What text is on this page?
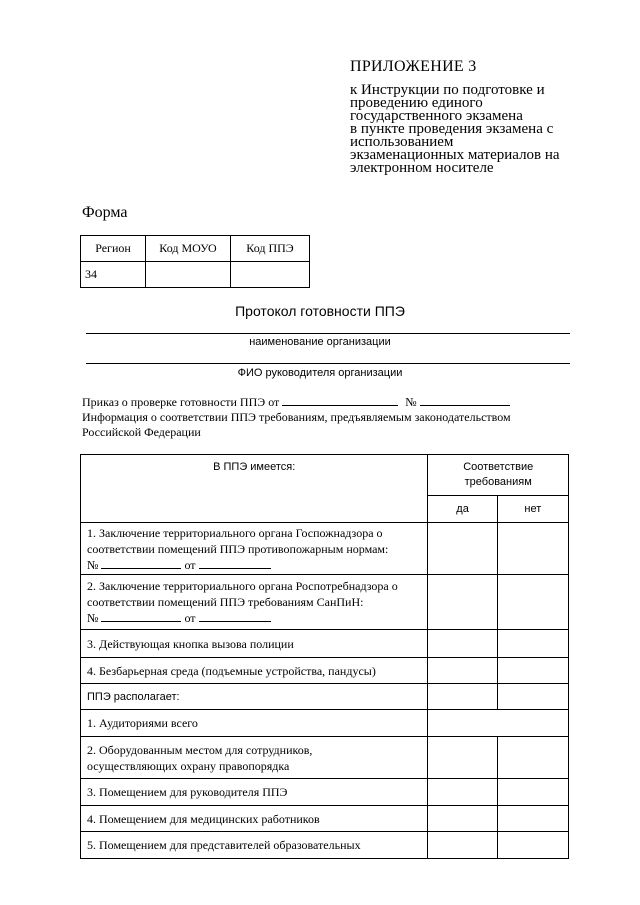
ПРИЛОЖЕНИЕ 3
к Инструкции по подготовке и
проведению единого
государственного экзамена
в пункте проведения экзамена с
использованием
экзаменационных материалов на
электронном носителе
Форма
Регион	Код МОУО	Код ППЭ
34		
Протокол готовности ППЭ
наименование организации
ФИО руководителя организации
Приказ о проверке готовности ППЭ от	№
Информация о соответствии ППЭ требованиям, предъявляемым законодательством
Российской Федерации
В ППЭ имеется:	Соответствие требованиям	
	да	нет

1. Заключение территориального органа Госпожнадзора о
соответствии помещений ППЭ противопожарным нормам:
№ от		

2. Заключение территориального органа Роспотребнадзора о
соответствии помещений ППЭ требованиям СанПиН:
№ от		

3. Действующая кнопка вызова полиции		
4. Безбарьерная среда (подъемные устройства, пандусы)		
ППЭ располагает:		
1. Аудиториями всего		

2. Оборудованным местом для сотрудников,
осуществляющих охрану правопорядка		

3. Помещением для руководителя ППЭ		
4. Помещением для медицинских работников		
5. Помещением для представителей образовательных		
